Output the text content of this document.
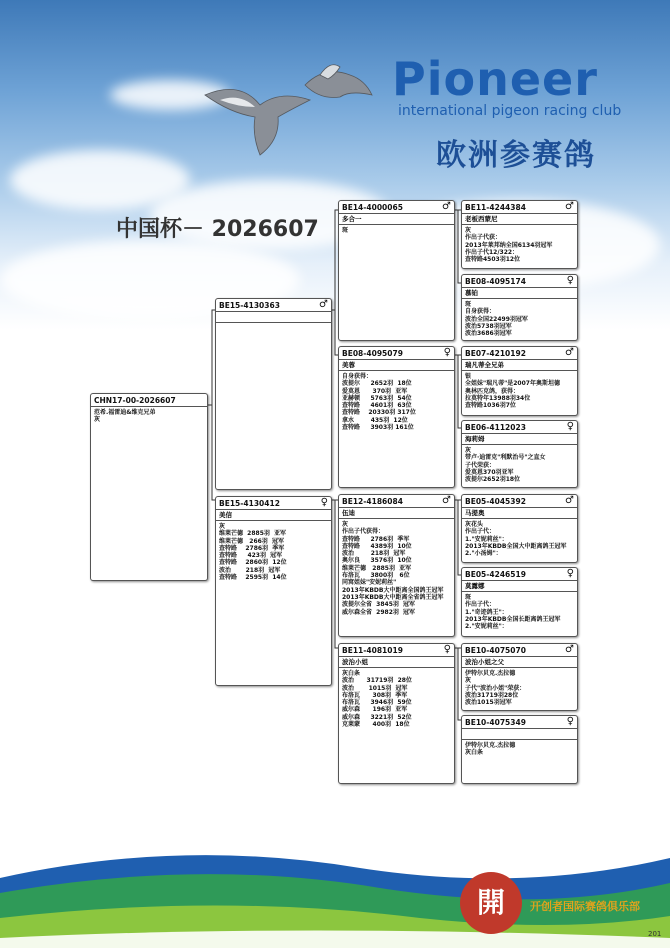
Pioneer
international pigeon racing club
欧洲参赛鸽
中国杯－ 2026607
CHN17-00-2026607
范希.福雷迪&维克兄弟
灰
BE15-4130363	♂
BE15-4130412	♀
美信
灰
维莱芒德  2885羽  亚军
维莱芒德   266羽  冠军
查特路    2786羽  季军
查特路     423羽  冠军
查特路    2860羽  12位
波治       218羽  冠军
查特路    2595羽  14位
BE14-4000065	♂
多合一
斑
BE08-4095079	♀
美蓉
自身获得：
波提尔     2652羽  18位
爱莫恩      370羽  亚军
亚赫顿     5763羽  54位
查特路     4601羽  63位
查特路    20330羽 317位
拿水        435羽  12位
查特路     3903羽 161位
BE12-4186084	♂
伍迪
灰
作出子代获得：
查特路     2786羽  季军
查特路     4389羽  10位
波治        218羽  冠军
奥尔良     3576羽  10位
维莱芒德   2885羽  亚军
布洛瓦     3800羽   6位
同窝姐妹"安妮莉丝"
2013年KBDB大中距离全国鸽王冠军
2013年KBDB大中距离全省鸽王冠军
波提尔全省  3845羽  冠军
威尔森全省  2982羽  冠军
BE11-4081019	♀
波治小姐
灰白条
波治      31719羽  28位
波治       1015羽  冠军
布洛瓦      308羽  季军
布洛瓦     3946羽  59位
威尔森      196羽  亚军
威尔森     3221羽  52位
克莱蒙      400羽  18位
BE11-4244384	♂
老板西蒙尼
灰
作出子代获：
2013年莱邦纳全国6134羽冠军
作出子代12/322：
查特路4503羽12位
BE08-4095174	♀
慕铂
斑
自身获得：
波治全国22499羽冠军
波治5738羽冠军
波治3686羽冠军
BE07-4210192	♂
瑞凡蒂全兄弟
银
全姐妹"瑞凡蒂"是2007年奥斯坦德
奥林匹克鸽，获得：
拉莫特年13988羽34位
查特路1036羽7位
BE06-4112023	♀
海莉姆
灰
带卢·迪雷克"利默治号"之直女
子代荣获：
爱莫恩370羽亚军
波提尔2652羽18位
BE05-4045392	♂
马提奥
灰花头
作出子代：
1."安妮莉丝"：
2013年KBDB全国大中距离鸽王冠军
2."小汤姆"：
BE05-4246519	♀
莫露娜
斑
作出子代：
1."奇迹鸽王"：
2013年KBDB全国长距离鸽王冠军
2."安妮莉丝"：
BE10-4075070	♂
波治小姐之父
伊特尔贝克.杰拉德
灰
子代"波治小姐"荣获：
波治31719羽28位
波治1015羽冠军
BE10-4075349	♀
伊特尔贝克.杰拉德
灰白条
開	开创者国际赛鸽俱乐部
201
